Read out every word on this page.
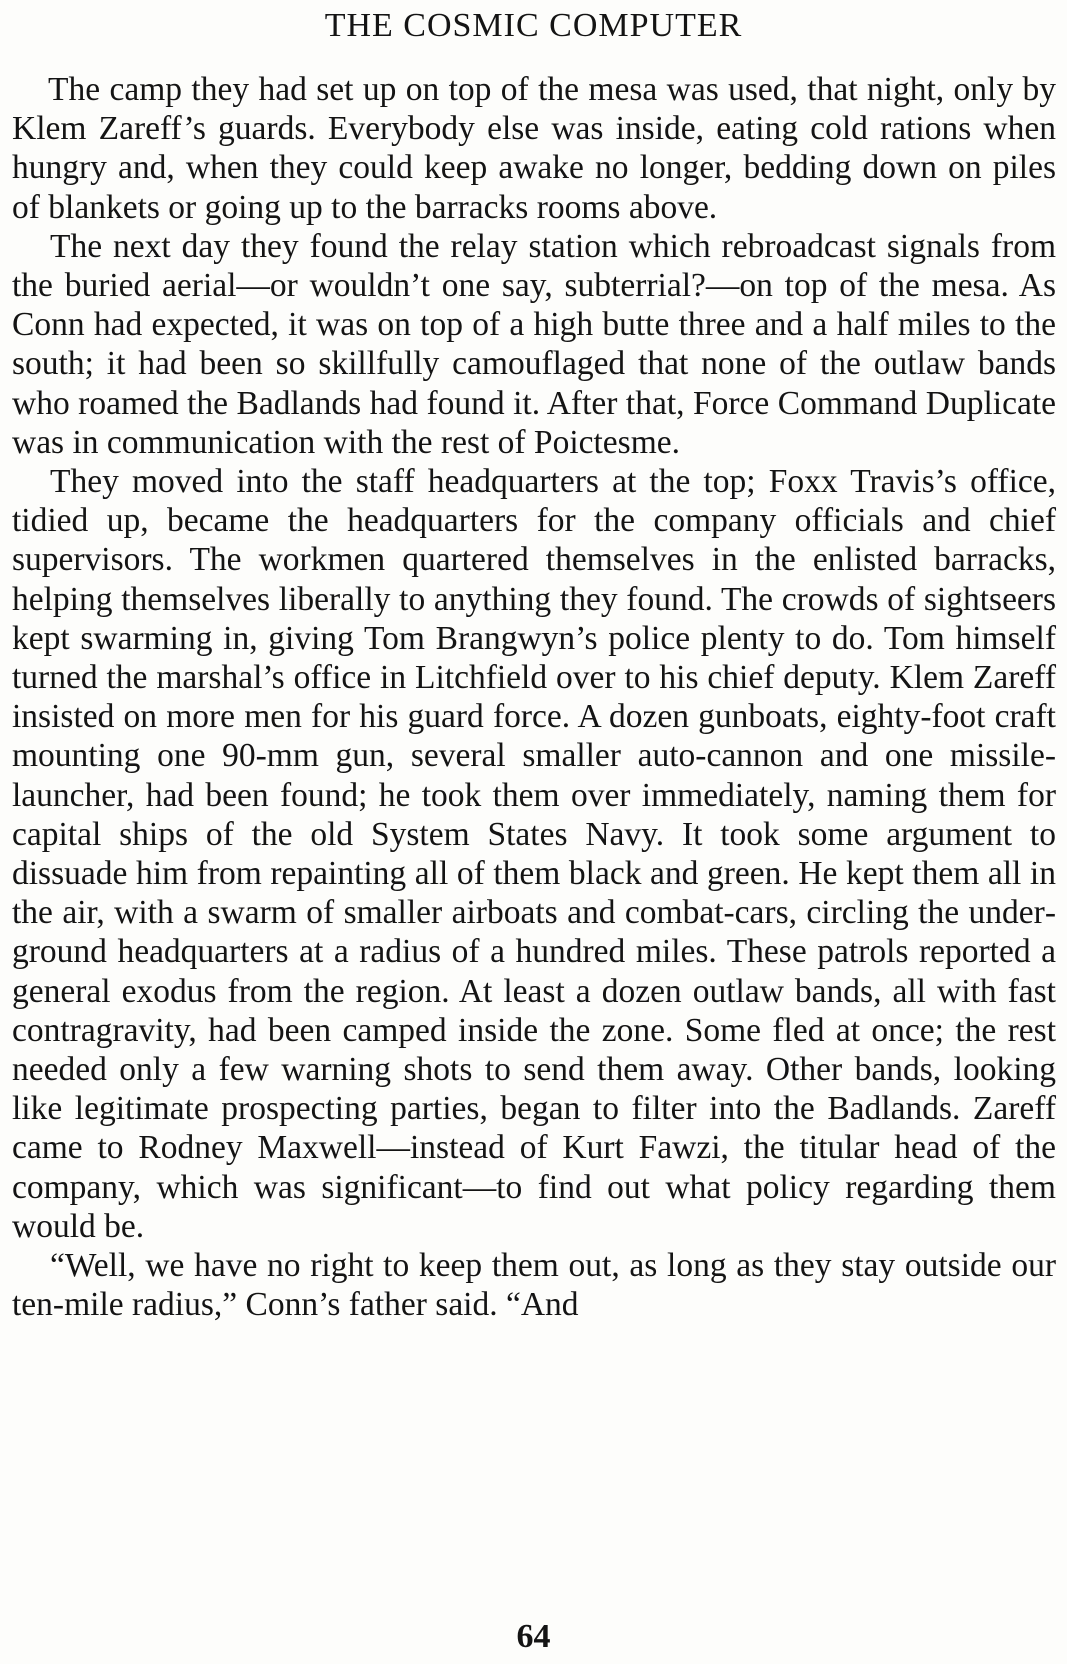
THE COSMIC COMPUTER

The camp they had set up on top of the mesa was used, that night, only by Klem Zareff’s guards. Everybody else was inside, eating cold rations when hungry and, when they could keep awake no longer, bedding down on piles of blankets or going up to the barracks rooms above.

The next day they found the relay station which rebroadcast signals from the buried aerial—or wouldn’t one say, subterrial?—on top of the mesa. As Conn had expected, it was on top of a high butte three and a half miles to the south; it had been so skillfully camouflaged that none of the outlaw bands who roamed the Badlands had found it. After that, Force Command Duplicate was in communication with the rest of Poictesme.

They moved into the staff headquarters at the top; Foxx Travis’s office, tidied up, became the headquarters for the company officials and chief supervisors. The workmen quartered themselves in the enlisted barracks, helping themselves liberally to anything they found. The crowds of sightseers kept swarming in, giving Tom Brangwyn’s police plenty to do. Tom himself turned the marshal’s office in Litchfield over to his chief deputy. Klem Zareff insisted on more men for his guard force. A dozen gunboats, eighty-foot craft mounting one 90-mm gun, several smaller auto-cannon and one missilelauncher, had been found; he took them over immediately, naming them for capital ships of the old System States Navy. It took some argument to dissuade him from repainting all of them black and green. He kept them all in the air, with a swarm of smaller airboats and combat-cars, circling the underground headquarters at a radius of a hundred miles. These patrols reported a general exodus from the region. At least a dozen outlaw bands, all with fast contragravity, had been camped inside the zone. Some fled at once; the rest needed only a few warning shots to send them away. Other bands, looking like legitimate prospecting parties, began to filter into the Badlands. Zareff came to Rodney Maxwell—instead of Kurt Fawzi, the titular head of the company, which was significant—to find out what policy regarding them would be.

“Well, we have no right to keep them out, as long as they stay outside our ten-mile radius,” Conn’s father said. “And

64
